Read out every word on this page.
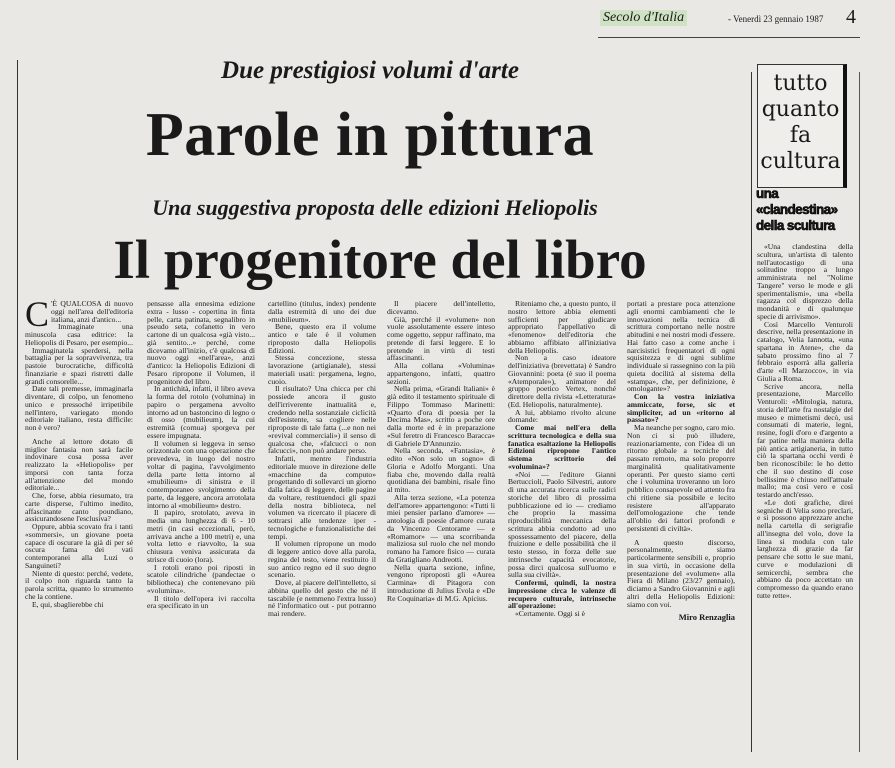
Secolo d'Italia	- Venerdì 23 gennaio 1987 4
Due prestigiosi volumi d'arte
Parole in pittura
Una suggestiva proposta delle edizioni Heliopolis
Il progenitore del libro
C 'È QUALCOSA di nuovo oggi nell'area dell'editoria italiana, anzi d'antico...

Immaginate una minuscola casa editrice: la Heliopolis di Pesaro, per esempio...

Immaginatela sperdersi, nella battaglia per la sopravvivenza, tra pastoie burocratiche, difficoltà finanziarie e spazi ristretti dalle grandi consorelle...

Date tali premesse, immaginarla diventare, di colpo, un fenomeno unico e pressoché irripetibile nell'intero, variegato mondo editoriale italiano, resta difficile: non è vero?

Anche al lettore dotato di miglior fantasia non sarà facile indovinare cosa possa aver realizzato la «Heliopolis» per imporsi con tanta forza all'attenzione del mondo editoriale...

Che, forse, abbia riesumato, tra carte disperse, l'ultimo inedito, affascinante canto poundiano, assicurandosene l'esclusiva?

Oppure, abbia scovato fra i tanti «sommersi», un giovane poeta capace di oscurare la già di per sé oscura fama dei vati contemporanei alla Luzi o Sanguineti?

Niente di questo: perché, vedete, il colpo non riguarda tanto la parola scritta, quanto lo strumento che la contiene.

E, qui, sbaglierebbe chi

pensasse alla ennesima edizione extra - lusso - copertina in finta pelle, carta patinata, segnalibro in pseudo seta, cofanetto in vero cartone di un qualcosa «già visto... già sentito...» perché, come dicevamo all'inizio, c'è qualcosa di nuovo oggi «nell'area», anzi d'antico: la Heliopolis Edizioni di Pesaro ripropone il Volumen, il progenitore del libro.

In antichità, infatti, il libro aveva la forma del rotolo (volumina) in papiro o pergamena avvolto intorno ad un bastoncino di legno o di osso (mubilieum), la cui estremità (cornua) sporgeva per essere impugnata.

Il volumen si leggeva in senso orizzontale con una operazione che prevedeva, in luogo del nostro voltar di pagina, l'avvolgimento della parte letta intorno al «mubilieum» di sinistra e il contemporaneo svolgimento della parte, da leggere, ancora arrotolata intorno al «mobilieum» destro.

Il papiro, srotolato, aveva in media una lunghezza di 6 - 10 metri (in casi eccezionali, però, arrivava anche a 100 metri) e, una volta letto e riavvolto, la sua chiusura veniva assicurata da strisce di cuoio (lora).

I rotoli erano poi riposti in scatole cilindriche (pandectae o bibliotheca) che contenevano più «volumina».

Il titolo dell'opera ivi raccolta era specificato in un

cartellino (titulus, index) pendente dalla estremità di uno dei due «mubilieum».

Bene, questo era il volume antico e tale è il volumen riproposto dalla Heliopolis Edizioni.

Stessa concezione, stessa lavorazione (artigianale), stessi materiali usati: pergamena, legno, cuoio.

Il risultato? Una chicca per chi possiede ancora il gusto dell'irriverente inattualità e, credendo nella sostanziale ciclicità dell'esistente, sa cogliere nelle riproposte di tale fatta (...e non nei «revival commerciali») il senso di qualcosa che, «falcucci o non falcucci», non può andare perso.

Infatti, mentre l'industria editoriale muove in direzione delle «macchine da computo» progettando di sollevarci un giorno dalla fatica di leggere, delle pagine da voltare, restituendoci gli spazi della nostra biblioteca, nel volumen va ricercato il piacere di sottrarsi alle tendenze iper - tecnologiche e funzionalistiche dei tempi.

Il volumen ripropone un modo di leggere antico dove alla parola, regina del testo, viene restituito il suo antico regno ed il suo degno scenario.

Dove, al piacere dell'intelletto, si abbina quello del gesto che né il tascabile (e nemmeno l'extra lusso) né l'informatico out - put potranno mai rendere.

Il piacere dell'intelletto, dicevamo.

Già, perché il «volumen» non vuole assolutamente essere inteso come oggetto, seppur raffinato, ma pretende di farsi leggere. E lo pretende in virtù di testi affascinanti.

Alla collana «Volumina» appartengono, infatti, quattro sezioni.

Nella prima, «Grandi Italiani» è già edito il testamento spirituale di Filippo Tommaso Marinetti: «Quarto d'ora di poesia per la Decima Mas», scritto a poche ore dalla morte ed è in preparazione «Sul feretro di Francesco Baracca» di Gabriele D'Annunzio.

Nella seconda, «Fantasia», è edito «Non solo un sogno» di Gloria e Adolfo Morganti. Una fiaba che, movendo dalla realtà quotidiana dei bambini, risale fino al mito.

Alla terza sezione, «La potenza dell'amore» appartengono: «Tutti li miei pensier parlano d'amore» — antologia di poesie d'amore curata da Vincenzo Centorame — e «Romamor» — una scorribanda maliziosa sul ruolo che nel mondo romano ha l'amore fisico — curata da Gratigliano Andreotti.

Nella quarta sezione, infine, vengono riproposti gli «Aurea Carmina» di Pitagora con introduzione di Julius Evola e «De Re Coquinaria» di M.G. Apicius.

Riteniamo che, a questo punto, il nostro lettore abbia elementi sufficienti per giudicare appropriato l'appellativo di «fenomeno» dell'editoria che abbiamo affibiato all'iniziativa della Heliopolis.

Non a caso ideatore dell'iniziativa (brevettata) è Sandro Giovannini: poeta (è suo il poema «Atemporale»), animatore del gruppo poetico Vertex, nonché direttore della rivista «Letteratura» (Ed. Heliopolis, naturalmente).

A lui, abbiamo rivolto alcune domande:

Come mai nell'era della scrittura tecnologica e della sua fanatica esaltazione la Heliopolis Edizioni ripropone l'antico sistema scrittorio dei «volumina»?

«Noi — l'editore Gianni Bertuccioli, Paolo Silvestri, autore di una accurata ricerca sulle radici storiche del libro di prossima pubblicazione ed io — crediamo che proprio la massima riproducibilità meccanica della scrittura abbia condotto ad uno spossessamento del piacere, della fruizione e delle possibilità che il testo stesso, in forza delle sue intrinseche capacità evocatorie, possa dirci qualcosa sull'uomo e sulla sua civiltà».

Confermi, quindi, la nostra impressione circa le valenze di recupero culturale, intrinseche all'operazione:

«Certamente. Oggi si è

portati a prestare poca attenzione agli enormi cambiamenti che le innovazioni nella tecnica di scrittura comportano nelle nostre abitudini e nei nostri modi d'essere. Hai fatto caso a come anche i narcisistici frequentatori di ogni squisitezza e di ogni sublime individuale si rassegnino con la più quieta docilità al sistema della «stampa», che, per definizione, è omologante»?

Con la vostra iniziativa ammiccate, forse, sic et simpliciter, ad un «ritorno al passato»?

Ma neanche per sogno, caro mio. Non ci si può illudere, reazionariamente, con l'idea di un ritorno globale a tecniche del passato remoto, ma solo proporre marginalità qualitativamente operanti. Per questo siamo certi che i volumina troveranno un loro pubblico consapevole ed attento fra chi ritiene sia possibile e lecito resistere all'apparato dell'omologazione che tende all'oblio dei fattori profondi e persistenti di civiltà».

A questo discorso, personalmente, siamo particolarmente sensibili e, proprio in sua virtù, in occasione della presentazione del «volumen» alla Fiera di Milano (23/27 gennaio), diciamo a Sandro Giovannini e agli altri della Heliopolis Edizioni: siamo con voi.

Miro Renzaglia
tutto
quanto
fa
cultura
una
«clandestina»
della scultura

«Una clandestina della scultura, un'artista di talento nell'autocastigo di una solitudine troppo a lungo amministrata nel "Nolime Tangere" verso le mode e gli sperimentalismi», una «bella ragazza col disprezzo della mondanità e di qualunque specie di arrivismo».

Così Marcello Venturoli descrive, nella presentazione in catalogo, Velia Iannotta, «una spartana in Atene», che da sabato prossimo fino al 7 febbraio esporrà alla galleria d'arte «Il Marzocco», in via Giulia a Roma.

Scrive ancora, nella presentazione, Marcello Venturoli: «Mitologia, natura, storia dell'arte fra nostalgie del museo e mimetismi decò, usi consumati di materie, legni, resine, fogli d'oro e d'argento a far patine nella maniera della più antica artigianeria, in tutto ciò la spartana occhi verdi è ben riconoscibile: le ho detto che il suo destino di cose bellissime è chiuso nell'attuale mallo; ma così vero e così testardo anch'esso.

«Le doti grafiche, direi segniche di Velia sono preclari, e si possono apprezzare anche nella cartella di serigrafie all'insegna del volo, dove la linea si modula con tale larghezza di grazie da far pensare che sotto le sue mani, curve e modulazioni di semicerchi, sembra che abbiano da poco accettato un compromesso da quando erano tutte rette».
